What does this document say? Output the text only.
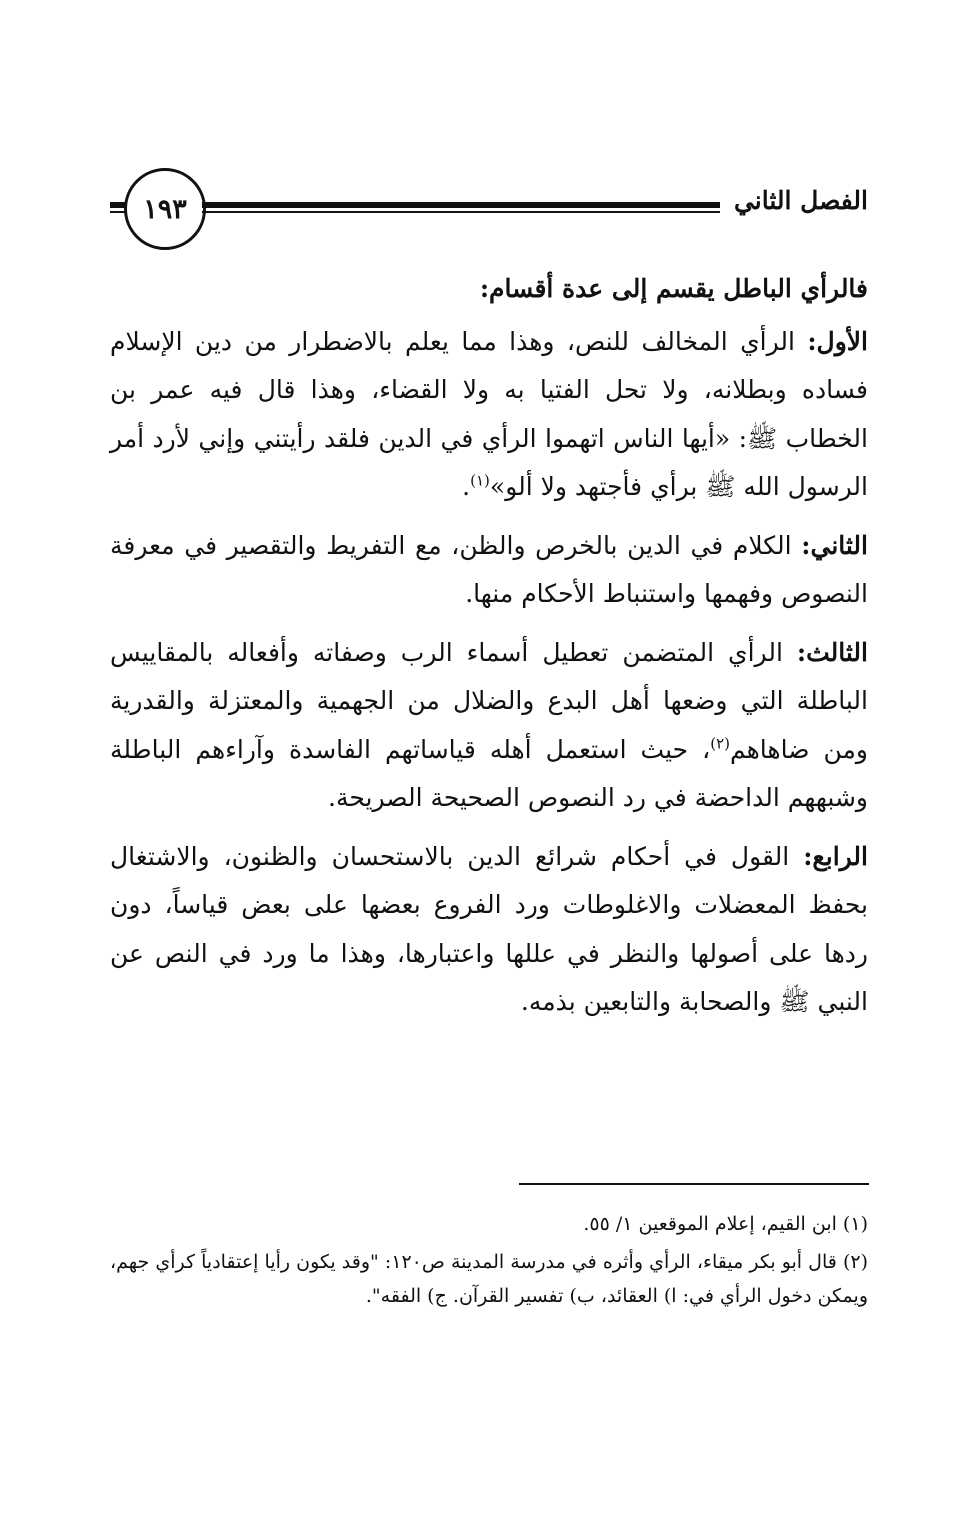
١٩٣	الفصل الثاني

فالرأي الباطل يقسم إلى عدة أقسام:

الأول: الرأي المخالف للنص، وهذا مما يعلم بالاضطرار من دين الإسلام فساده وبطلانه، ولا تحل الفتيا به ولا القضاء، وهذا قال فيه عمر بن الخطاب ﷺ: «أيها الناس اتهموا الرأي في الدين فلقد رأيتني وإني لأرد أمر الرسول الله ﷺ برأي فأجتهد ولا ألو»$^{(١)}$.

الثاني: الكلام في الدين بالخرص والظن، مع التفريط والتقصير في معرفة النصوص وفهمها واستنباط الأحكام منها.

الثالث: الرأي المتضمن تعطيل أسماء الرب وصفاته وأفعاله بالمقاييس الباطلة التي وضعها أهل البدع والضلال من الجهمية والمعتزلة والقدرية ومن ضاهاهم$^{(٢)}$، حيث استعمل أهله قياساتهم الفاسدة وآراءهم الباطلة وشبههم الداحضة في رد النصوص الصحيحة الصريحة.

الرابع: القول في أحكام شرائع الدين بالاستحسان والظنون، والاشتغال بحفظ المعضلات والاغلوطات ورد الفروع بعضها على بعض قياساً، دون ردها على أصولها والنظر في عللها واعتبارها، وهذا ما ورد في النص عن النبي ﷺ والصحابة والتابعين بذمه.

(١) ابن القيم، إعلام الموقعين ١/ ٥٥.

(٢) قال أبو بكر ميقاء، الرأي وأثره في مدرسة المدينة ص١٢٠: "وقد يكون رأيا إعتقادياً كرأي جهم، ويمكن دخول الرأي في: ا) العقائد، ب) تفسير القرآن. ج) الفقه".
